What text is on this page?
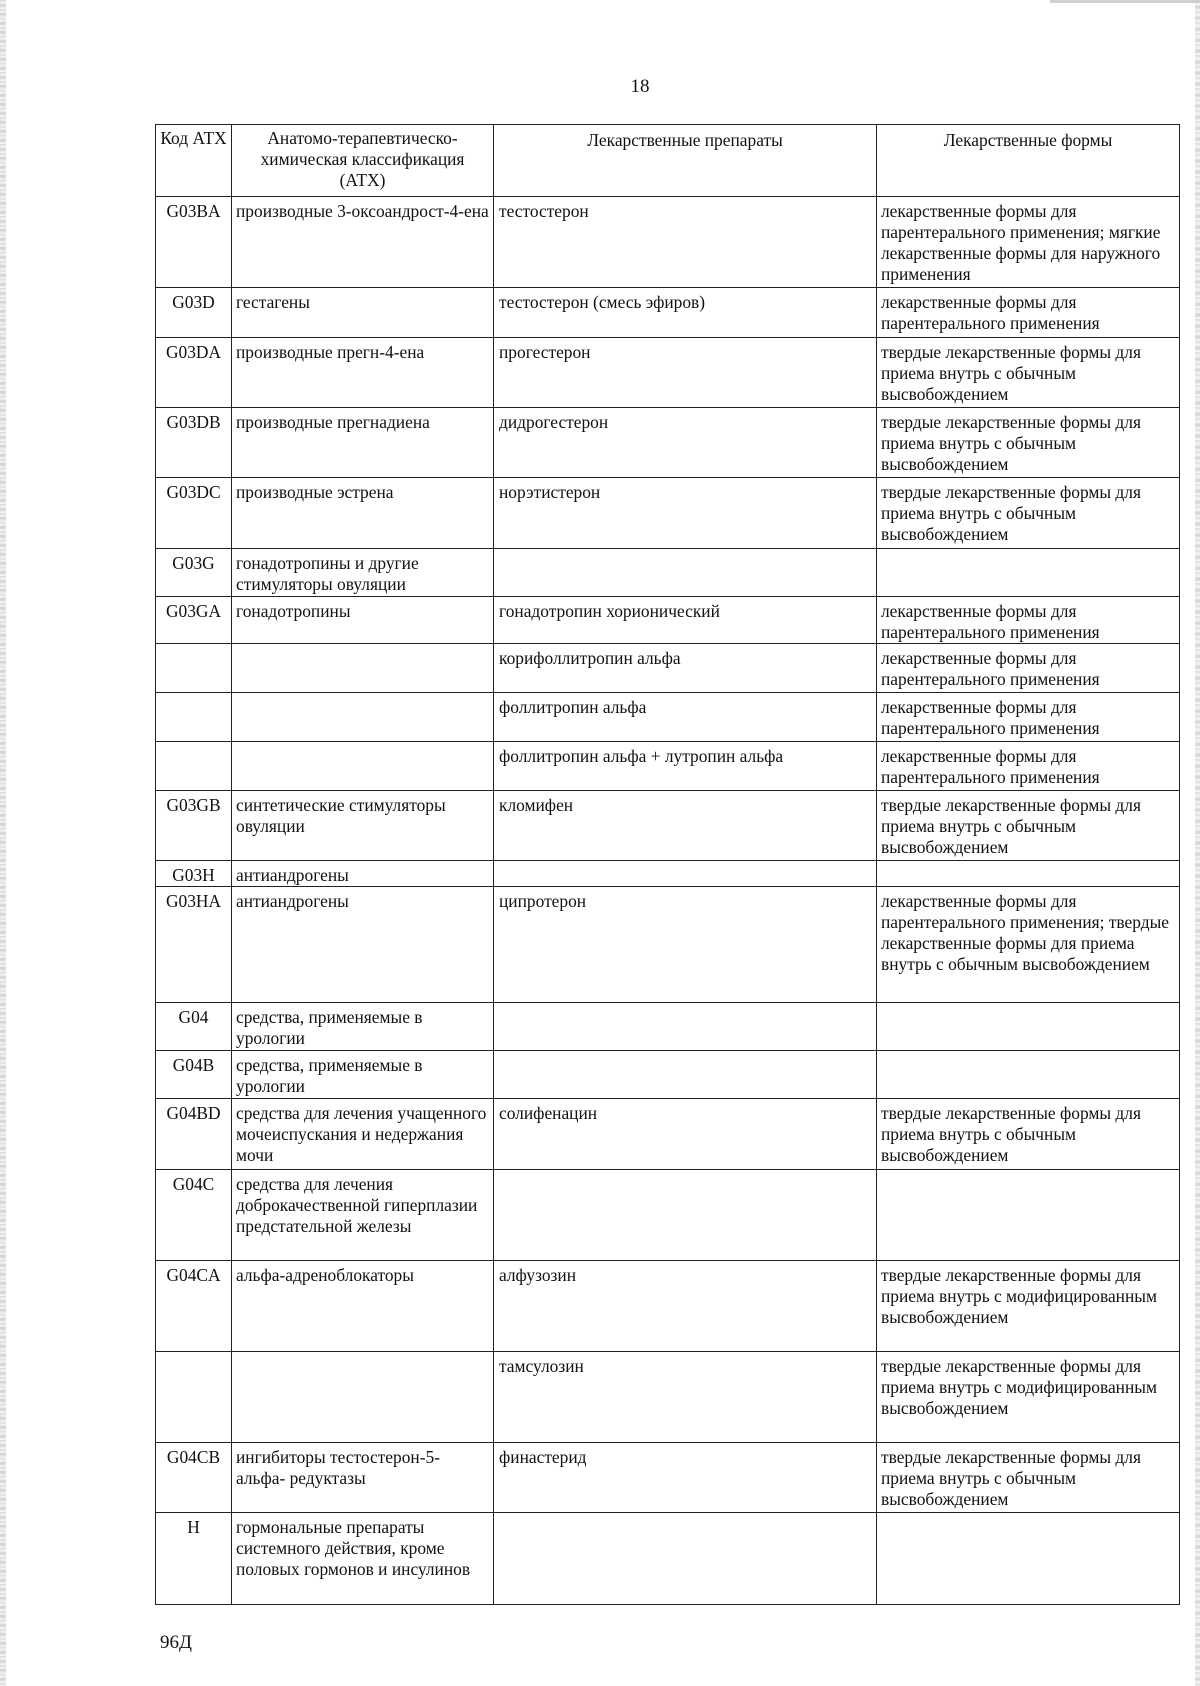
18
Код АТХ	Анатомо-терапевтическо-химическая классификация (АТХ)	Лекарственные препараты	Лекарственные формы
G03BA	производные 3-оксоандрост-4-ена	тестостерон	лекарственные формы для парентерального применения; мягкие лекарственные формы для наружного применения
G03D	гестагены	тестостерон (смесь эфиров)	лекарственные формы для парентерального применения
G03DA	производные прегн-4-ена	прогестерон	твердые лекарственные формы для приема внутрь с обычным высвобождением
G03DB	производные прегнадиена	дидрогестерон	твердые лекарственные формы для приема внутрь с обычным высвобождением
G03DC	производные эстрена	норэтистерон	твердые лекарственные формы для приема внутрь с обычным высвобождением
G03G	гонадотропины и другие стимуляторы овуляции		
G03GA	гонадотропины	гонадотропин хорионический	лекарственные формы для парентерального применения
		корифоллитропин альфа	лекарственные формы для парентерального применения
		фоллитропин альфа	лекарственные формы для парентерального применения
		фоллитропин альфа + лутропин альфа	лекарственные формы для парентерального применения
G03GB	синтетические стимуляторы овуляции	кломифен	твердые лекарственные формы для приема внутрь с обычным высвобождением
G03H	антиандрогены		
G03HA	антиандрогены	ципротерон	лекарственные формы для парентерального применения; твердые лекарственные формы для приема внутрь с обычным высвобождением
G04	средства, применяемые в урологии		
G04B	средства, применяемые в урологии		
G04BD	средства для лечения учащенного мочеиспускания и недержания мочи	солифенацин	твердые лекарственные формы для приема внутрь с обычным высвобождением
G04C	средства для лечения доброкачественной гиперплазии предстательной железы		
G04CA	альфа-адреноблокаторы	алфузозин	твердые лекарственные формы для приема внутрь с модифицированным высвобождением
		тамсулозин	твердые лекарственные формы для приема внутрь с модифицированным высвобождением
G04CB	ингибиторы тестостерон-5-альфа- редуктазы	финастерид	твердые лекарственные формы для приема внутрь с обычным высвобождением
H	гормональные препараты системного действия, кроме половых гормонов и инсулинов		
96Д
